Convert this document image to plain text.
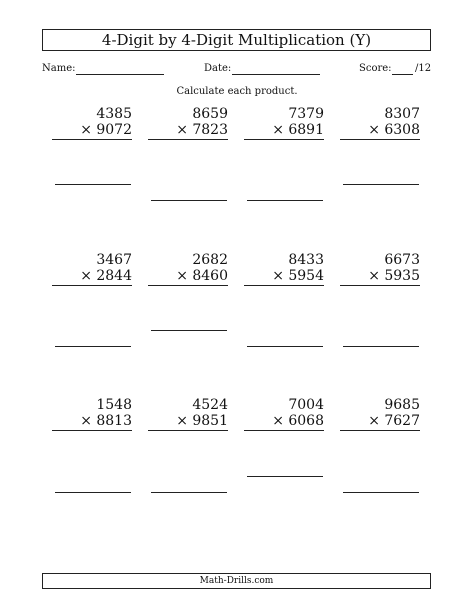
4-Digit by 4-Digit Multiplication (Y)
Name:	Date:	Score: /12
Calculate each product.
4385
× 9072
8659
× 7823
7379
× 6891
8307
× 6308
3467
× 2844
2682
× 8460
8433
× 5954
6673
× 5935
1548
× 8813
4524
× 9851
7004
× 6068
9685
× 7627
Math-Drills.com
